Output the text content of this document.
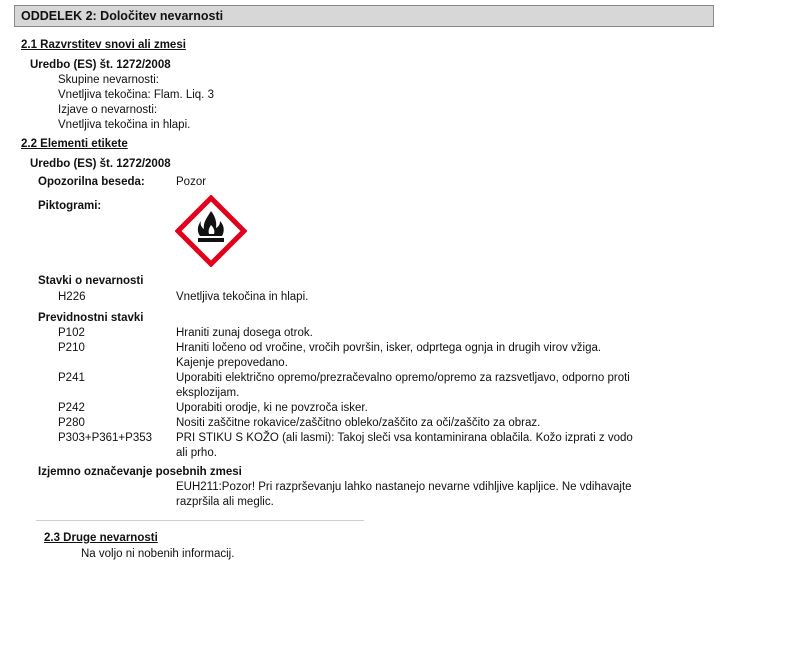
ODDELEK 2: Določitev nevarnosti
2.1 Razvrstitev snovi ali zmesi
Uredbo (ES) št. 1272/2008
Skupine nevarnosti:
Vnetljiva tekočina: Flam. Liq. 3
Izjave o nevarnosti:
Vnetljiva tekočina in hlapi.
2.2 Elementi etikete
Uredbo (ES) št. 1272/2008
Opozorilna beseda:	Pozor
Piktogrami:
Stavki o nevarnosti
H226	Vnetljiva tekočina in hlapi.
Previdnostni stavki
P102	Hraniti zunaj dosega otrok.
P210	Hraniti ločeno od vročine, vročih površin, isker, odprtega ognja in drugih virov vžiga.
Kajenje prepovedano.
P241	Uporabiti električno opremo/prezračevalno opremo/opremo za razsvetljavo, odporno proti
eksplozijam.
P242	Uporabiti orodje, ki ne povzroča isker.
P280	Nositi zaščitne rokavice/zaščitno obleko/zaščito za oči/zaščito za obraz.
P303+P361+P353 PRI STIKU S KOŽO (ali lasmi): Takoj sleči vsa kontaminirana oblačila. Kožo izprati z vodo
ali prho.
Izjemno označevanje posebnih zmesi
EUH211:Pozor! Pri razprševanju lahko nastanejo nevarne vdihljive kapljice. Ne vdihavajte
razpršila ali meglic.
2.3 Druge nevarnosti
Na voljo ni nobenih informacij.
